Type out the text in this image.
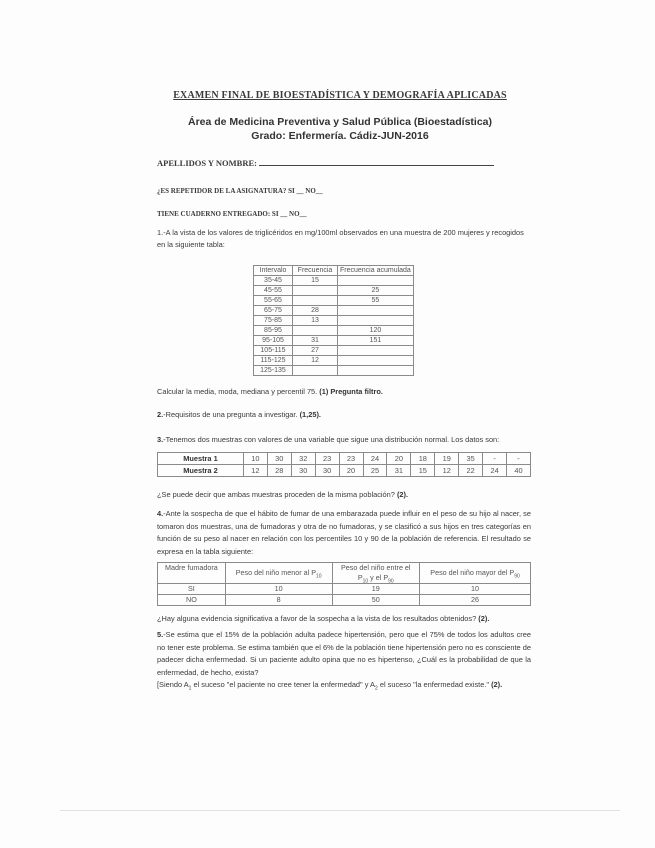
EXAMEN FINAL DE BIOESTADÍSTICA Y DEMOGRAFÍA APLICADAS
Área de Medicina Preventiva y Salud Pública (Bioestadística)
Grado: Enfermería. Cádiz-JUN-2016
APELLIDOS Y NOMBRE:
¿ES REPETIDOR DE LA ASIGNATURA? SI __ NO__
TIENE CUADERNO ENTREGADO: SI __ NO__
1.-A la vista de los valores de triglicéridos en mg/100ml observados en una muestra de 200 mujeres y recogidos en la siguiente tabla:
Intervalo	Frecuencia	Frecuencia acumulada
35-45	15	
45-55		25
55-65		55
65-75	28	
75-85	13	
85-95		120
95-105	31	151
105-115	27	
115-125	12	
125-135		
Calcular la media, moda, mediana y percentil 75. (1) Pregunta filtro.
2.-Requisitos de una pregunta a investigar. (1,25).
3.-Tenemos dos muestras con valores de una variable que sigue una distribución normal. Los datos son:
Muestra 1	10	30	32	23	23	24	20	18	19	35	-	-
Muestra 2	12	28	30	30	20	25	31	15	12	22	24	40
¿Se puede decir que ambas muestras proceden de la misma población? (2).
4.-Ante la sospecha de que el hábito de fumar de una embarazada puede influir en el peso de su hijo al nacer, se tomaron dos muestras, una de fumadoras y otra de no fumadoras, y se clasificó a sus hijos en tres categorías en función de su peso al nacer en relación con los percentiles 10 y 90 de la población de referencia. El resultado se expresa en la tabla siguiente:
Madre fumadora	Peso del niño menor al $P_{10}$	Peso del niño entre el
$P_{10}$ y el $P_{90}$	Peso del niño mayor del $P_{90}$
SI	10	19	10
NO	8	50	26
¿Hay alguna evidencia significativa a favor de la sospecha a la vista de los resultados obtenidos? (2).
5.-Se estima que el 15% de la población adulta padece hipertensión, pero que el 75% de todos los adultos cree no tener este problema. Se estima también que el 6% de la población tiene hipertensión pero no es consciente de padecer dicha enfermedad. Si un paciente adulto opina que no es hipertenso, ¿Cuál es la probabilidad de que la enfermedad, de hecho, exista?
[Siendo $A_1$ el suceso "el paciente no cree tener la enfermedad" y $A_2$ el suceso "la enfermedad existe." (2).
